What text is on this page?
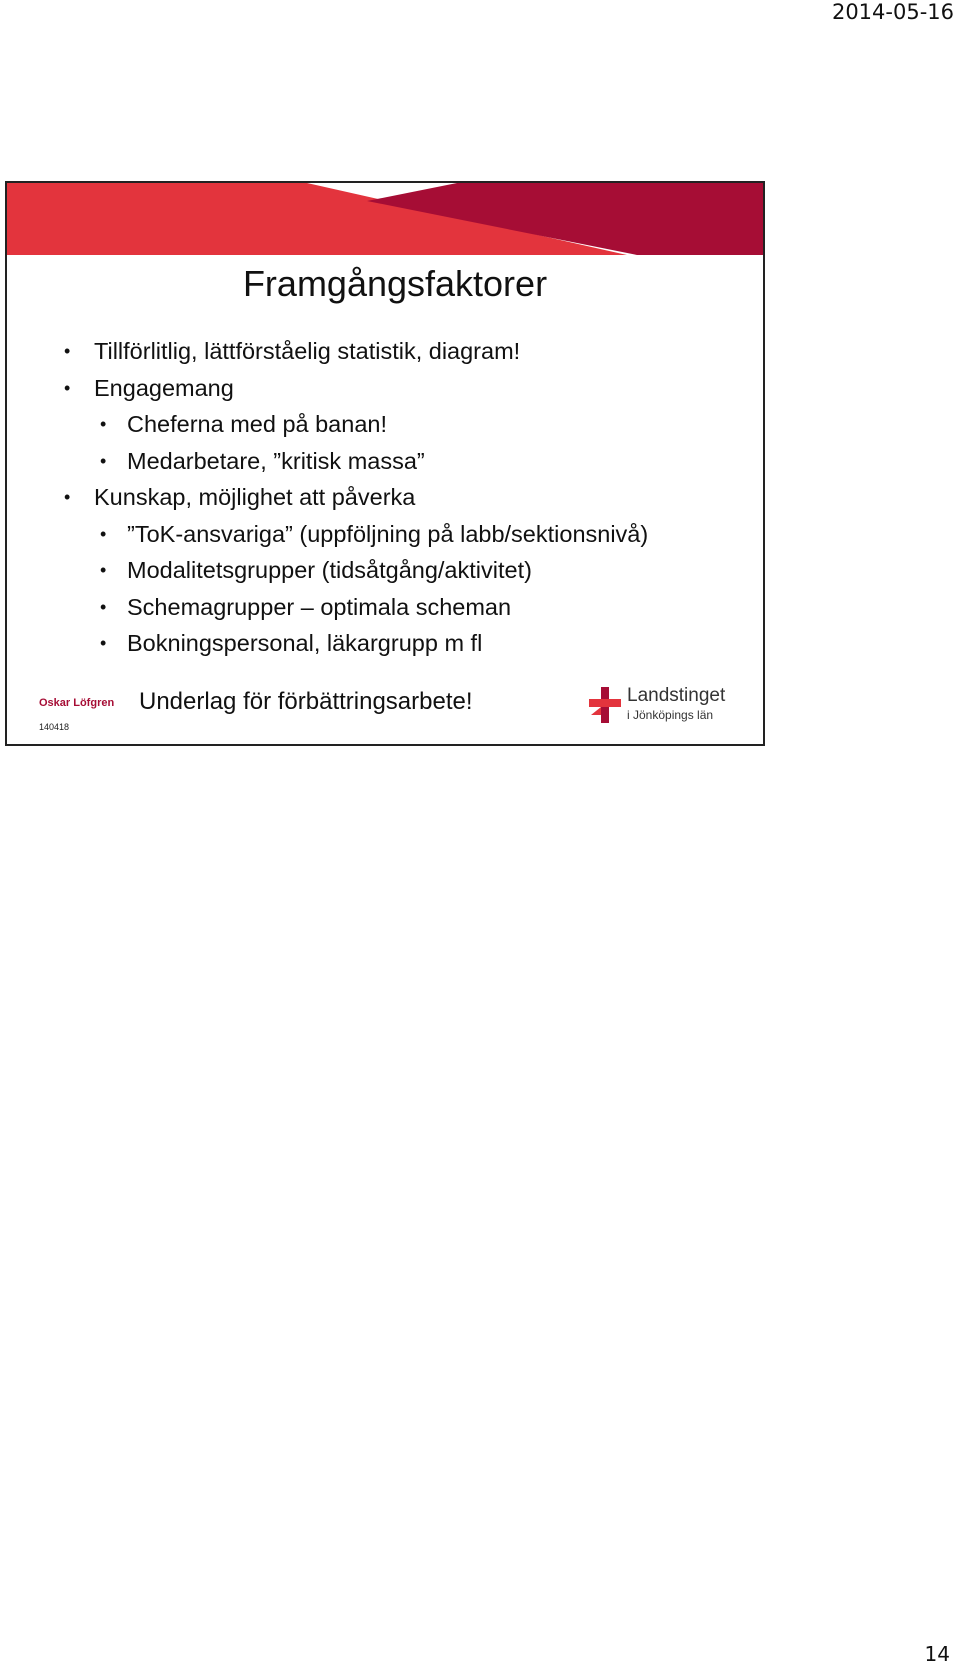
2014-05-16
Framgångsfaktorer
• Tillförlitlig, lättförståelig statistik, diagram!
• Engagemang
• Cheferna med på banan!
• Medarbetare, ”kritisk massa”
• Kunskap, möjlighet att påverka
• ”ToK-ansvariga” (uppföljning på labb/sektionsnivå)
• Modalitetsgrupper (tidsåtgång/aktivitet)
• Schemagrupper – optimala scheman
• Bokningspersonal, läkargrupp m fl
Oskar Löfgren
140418
Underlag för förbättringsarbete!	Landstinget
i Jönköpings län
14
